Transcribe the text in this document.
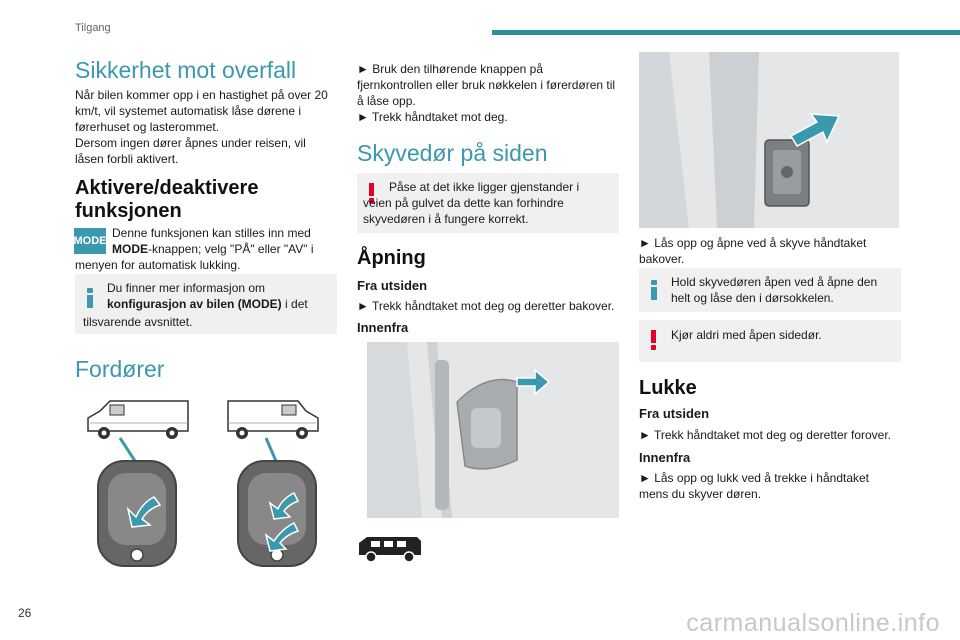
Tilgang
Sikkerhet mot overfall

Når bilen kommer opp i en hastighet på over 20 km/t, vil systemet automatisk låse dørene i førerhuset og lasterommet.

Dersom ingen dører åpnes under reisen, vil låsen forbli aktivert.

Aktivere/deaktivere
funksjonen
MODE

Denne funksjonen kan stilles inn med

MODE-knappen; velg "PÅ" eller "AV" i

menyen for automatisk lukking.

Du finner mer informasjon om

konfigurasjon av bilen (MODE) i det

tilsvarende avsnittet.

Fordører

► Bruk den tilhørende knappen på fjernkontrollen eller bruk nøkkelen i førerdøren til å låse opp.

► Trekk håndtaket mot deg.

Skyvedør på siden

Påse at det ikke ligger gjenstander i veien på gulvet da dette kan forhindre skyvedøren i å fungere korrekt.

Åpning
Fra utsiden

► Trekk håndtaket mot deg og deretter bakover.

Innenfra

► Lås opp og åpne ved å skyve håndtaket bakover.

Hold skyvedøren åpen ved å åpne den helt og låse den i dørsokkelen.

Kjør aldri med åpen sidedør.

Lukke
Fra utsiden

► Trekk håndtaket mot deg og deretter forover.

Innenfra

► Lås opp og lukk ved å trekke i håndtaket mens du skyver døren.

26	carmanualsonline.info
